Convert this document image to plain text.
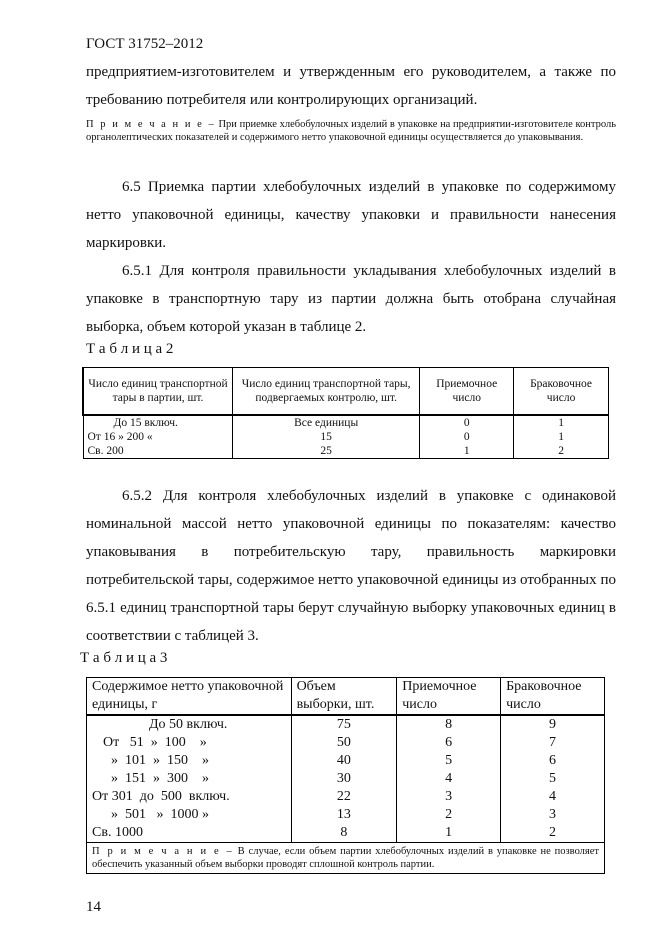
ГОСТ 31752–2012
предприятием-изготовителем и утвержденным его руководителем, а также по требованию потребителя или контролирующих организаций.
П р и м е ч а н и е – При приемке хлебобулочных изделий в упаковке на предприятии-изготовителе контроль органолептических показателей и содержимого нетто упаковочной единицы осуществляется до упаковывания.
6.5 Приемка партии хлебобулочных изделий в упаковке по содержимому нетто упаковочной единицы, качеству упаковки и правильности нанесения маркировки.
6.5.1 Для контроля правильности укладывания хлебобулочных изделий в упаковке в транспортную тару из партии должна быть отобрана случайная выборка, объем которой указан в таблице 2.
Т а б л и ц а 2
Число единиц транспортной тары в партии, шт.	Число единиц транспортной тары, подвергаемых контролю, шт.	Приемочное число	Браковочное число
До 15 включ.	Все единицы	0	1
От 16 » 200 «	15	0	1
Св. 200	25	1	2
6.5.2 Для контроля хлебобулочных изделий в упаковке с одинаковой номинальной массой нетто упаковочной единицы по показателям: качество упаковывания в потребительскую тару, правильность маркировки потребительской тары, содержимое нетто упаковочной единицы из отобранных по 6.5.1 единиц транспортной тары берут случайную выборку упаковочных единиц в соответствии с таблицей 3.
Т а б л и ц а 3
Содержимое нетто упаковочной единицы, г	Объем выборки, шт.	Приемочное число	Браковочное число
До 50 включ.	75	8	9
От   51  »  100    »	50	6	7
»  101  »  150    »	40	5	6
»  151  »  300    »	30	4	5
От 301  до  500  включ.	22	3	4
»  501   »  1000 »	13	2	3
Св. 1000	8	1	2
П р и м е ч а н и е – В случае, если объем партии хлебобулочных изделий в упаковке не позволяет обеспечить указанный объем выборки проводят сплошной контроль партии.			
14
